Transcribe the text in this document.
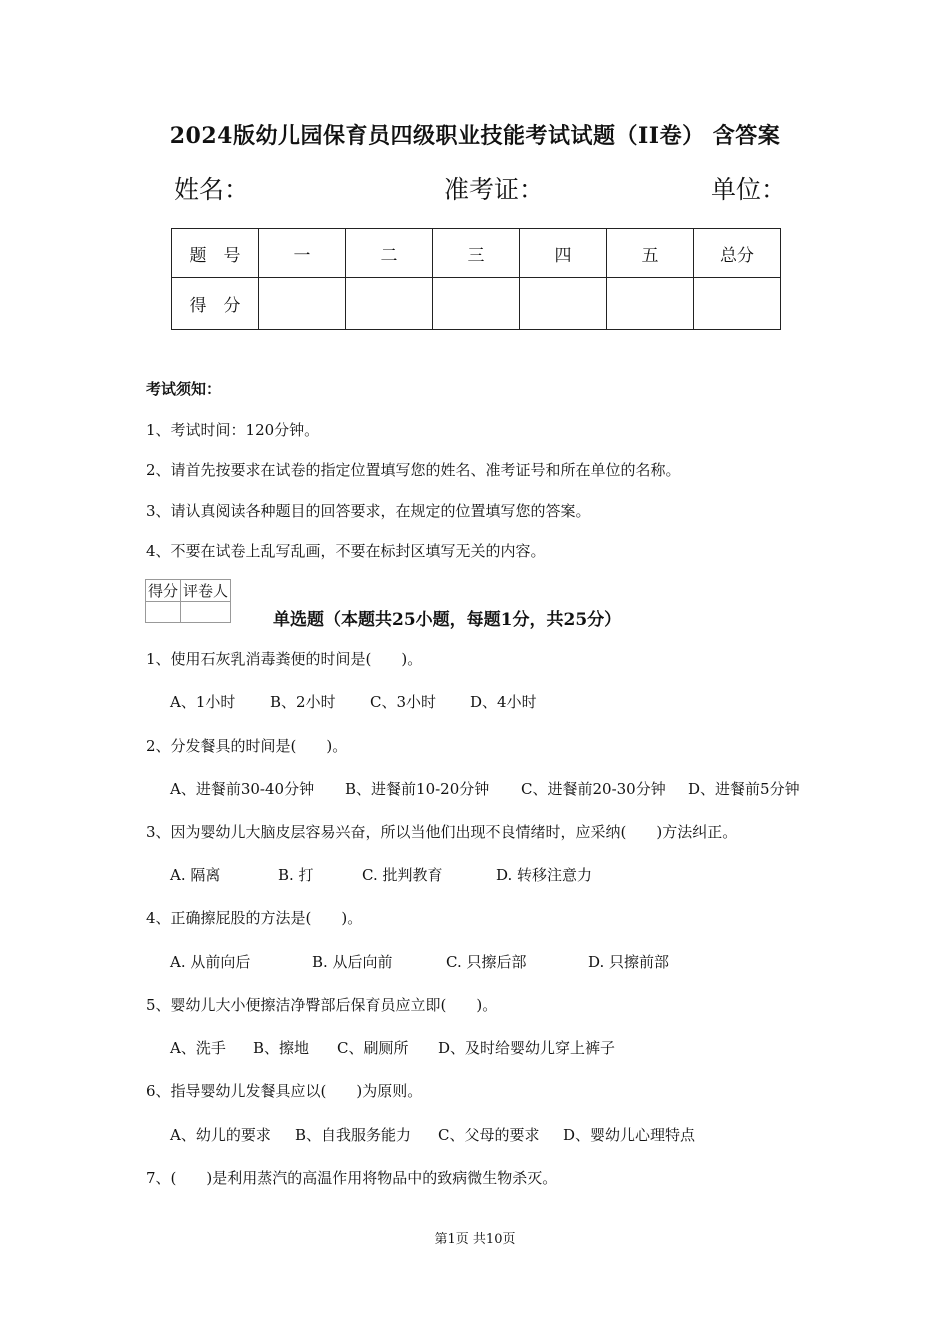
2024版幼儿园保育员四级职业技能考试试题（II卷） 含答案
姓名：	准考证：	单位：
题　号	一	二	三	四	五	总分
得　分						
考试须知：
1、考试时间：120分钟。
2、请首先按要求在试卷的指定位置填写您的姓名、准考证号和所在单位的名称。
3、请认真阅读各种题目的回答要求，在规定的位置填写您的答案。
4、不要在试卷上乱写乱画，不要在标封区填写无关的内容。
得分	评卷人

单选题（本题共25小题，每题1分，共25分）
1、使用石灰乳消毒粪便的时间是(　　)。
A、1小时 B、2小时 C、3小时 D、4小时
2、分发餐具的时间是(　　)。
A、进餐前30-40分钟 B、进餐前10-20分钟 C、进餐前20-30分钟 D、进餐前5分钟
3、因为婴幼儿大脑皮层容易兴奋，所以当他们出现不良情绪时，应采纳(　　)方法纠正。
A. 隔离	B. 打	C. 批判教育	D. 转移注意力
4、正确擦屁股的方法是(　　)。
A. 从前向后	B. 从后向前	C. 只擦后部	D. 只擦前部
5、婴幼儿大小便擦洁净臀部后保育员应立即(　　)。
A、洗手 B、擦地 C、刷厕所 D、及时给婴幼儿穿上裤子
6、指导婴幼儿发餐具应以(　　)为原则。
A、幼儿的要求 B、自我服务能力 C、父母的要求 D、婴幼儿心理特点
7、(　　)是利用蒸汽的高温作用将物品中的致病微生物杀灭。
第1页 共10页
